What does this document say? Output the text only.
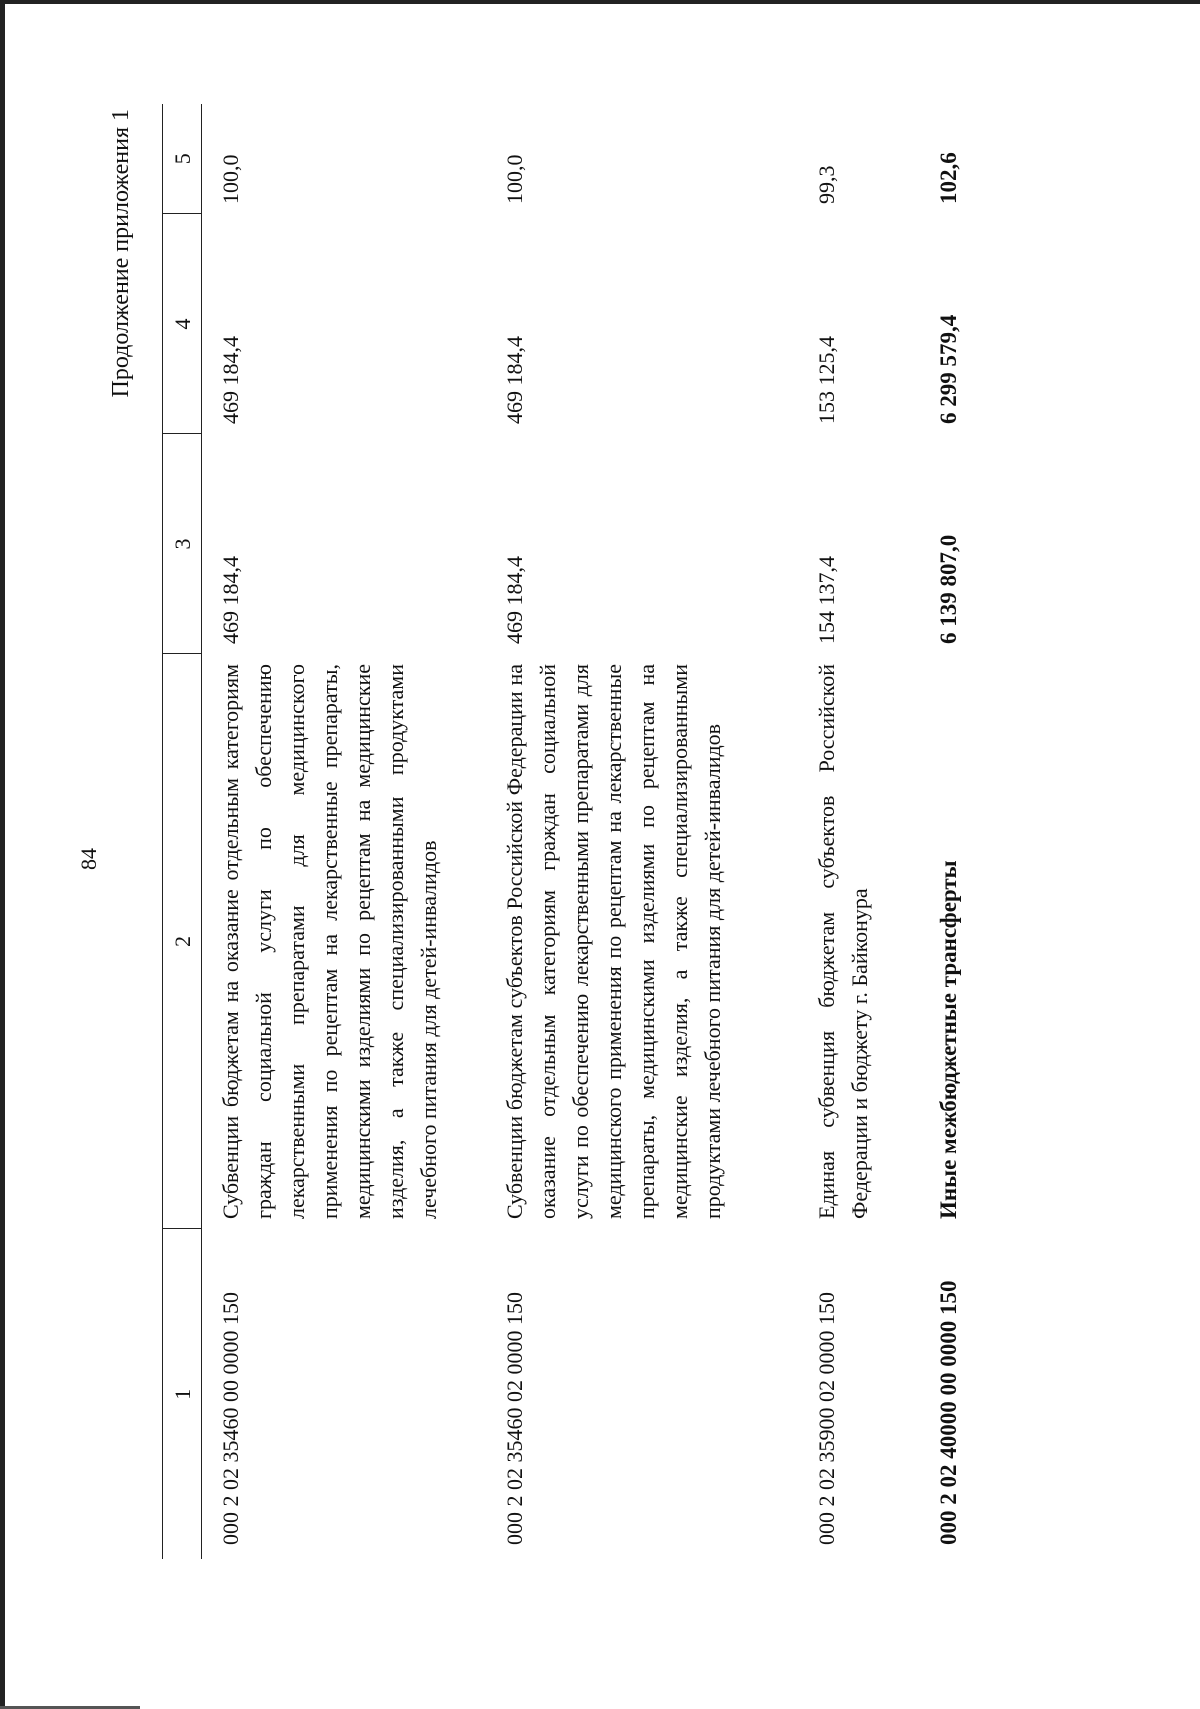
84
Продолжение приложения 1
1	2	3	4	5
000 2 02 35460 00 0000 150	Субвенции бюджетам на оказание отдельным категориям граждан социальной услуги по обеспечению лекарственными препаратами для медицинского применения по рецептам на лекарственные препараты, медицинскими изделиями по рецептам на медицинские изделия, а также специализированными продуктами лечебного питания для детей-инвалидов	469 184,4	469 184,4	100,0
000 2 02 35460 02 0000 150	Субвенции бюджетам субъектов Российской Федерации на оказание отдельным категориям граждан социальной услуги по обеспечению лекарственными препаратами для медицинского применения по рецептам на лекарственные препараты, медицинскими изделиями по рецептам на медицинские изделия, а также специализированными продуктами лечебного питания для детей-инвалидов	469 184,4	469 184,4	100,0
000 2 02 35900 02 0000 150	Единая субвенция бюджетам субъектов Российской Федерации и бюджету г. Байконура	154 137,4	153 125,4	99,3
000 2 02 40000 00 0000 150	Иные межбюджетные трансферты	6 139 807,0	6 299 579,4	102,6
